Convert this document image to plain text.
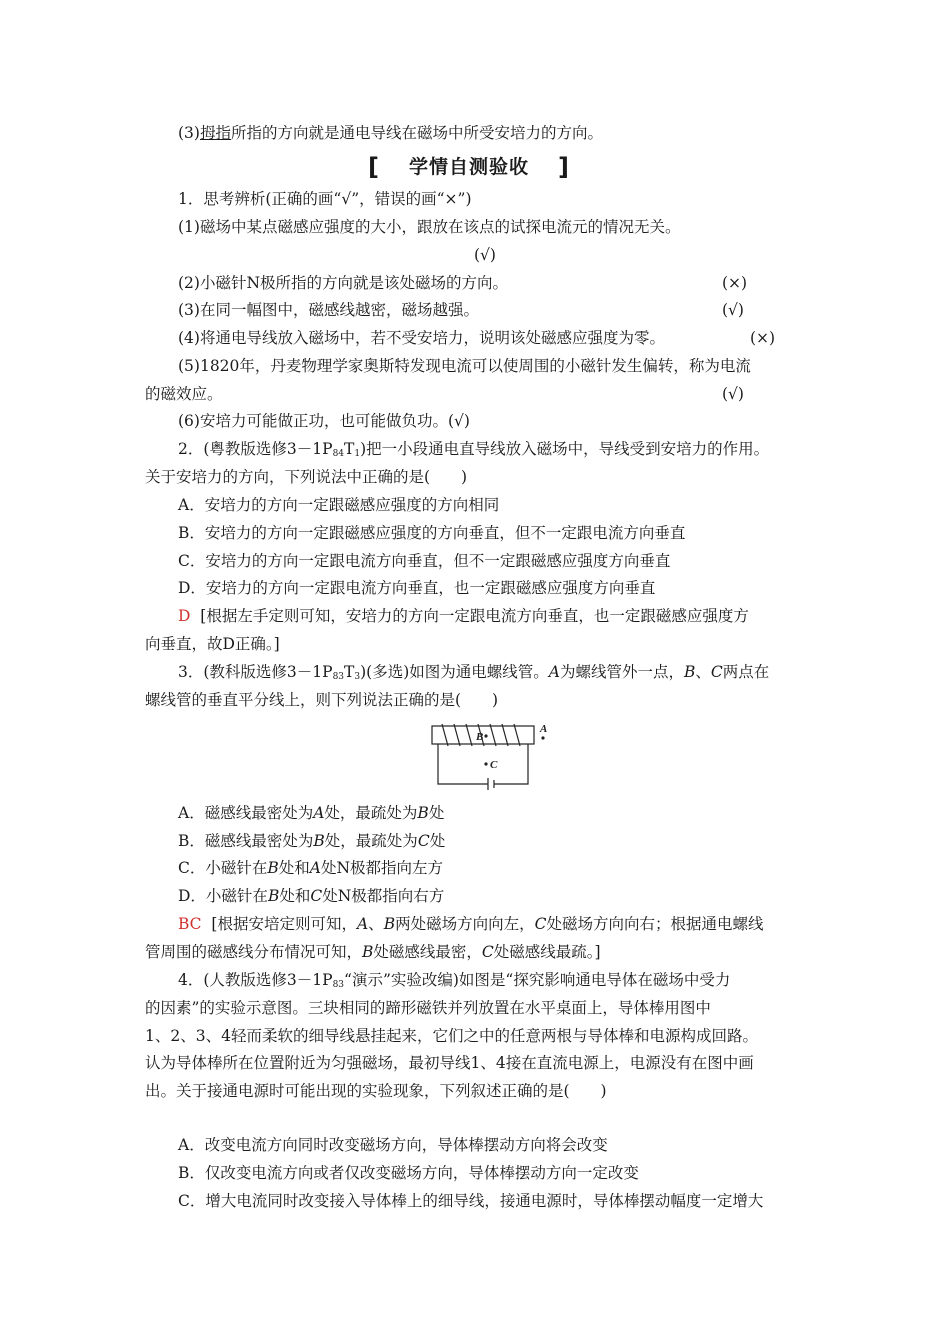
(3)拇指所指的方向就是通电导线在磁场中所受安培力的方向。
[ 学情自测验收 ]
1．思考辨析(正确的画“√”，错误的画“×”)
(1)磁场中某点磁感应强度的大小，跟放在该点的试探电流元的情况无关。
(√)
(2)小磁针N极所指的方向就是该处磁场的方向。	(×)
(3)在同一幅图中，磁感线越密，磁场越强。	(√)
(4)将通电导线放入磁场中，若不受安培力，说明该处磁感应强度为零。	(×)
(5)1820年，丹麦物理学家奥斯特发现电流可以使周围的小磁针发生偏转，称为电流
的磁效应。	(√)
(6)安培力可能做正功，也可能做负功。(√)
2．(粤教版选修$3-1P_{84}T_1$)把一小段通电直导线放入磁场中，导线受到安培力的作用。
关于安培力的方向，下列说法中正确的是(　　)
A．安培力的方向一定跟磁感应强度的方向相同
B．安培力的方向一定跟磁感应强度的方向垂直，但不一定跟电流方向垂直
C．安培力的方向一定跟电流方向垂直，但不一定跟磁感应强度方向垂直
D．安培力的方向一定跟电流方向垂直，也一定跟磁感应强度方向垂直
D [根据左手定则可知，安培力的方向一定跟电流方向垂直，也一定跟磁感应强度方
向垂直，故D正确。]
3．(教科版选修$3-1P_{83}T_3$)(多选)如图为通电螺线管。A为螺线管外一点，B、C两点在
螺线管的垂直平分线上，则下列说法正确的是(　　)
B
A
C
A．磁感线最密处为A处，最疏处为B处
B．磁感线最密处为B处，最疏处为C处
C．小磁针在B处和A处N极都指向左方
D．小磁针在B处和C处N极都指向右方
BC [根据安培定则可知，A、B两处磁场方向向左，C处磁场方向向右；根据通电螺线
管周围的磁感线分布情况可知，B处磁感线最密，C处磁感线最疏。]
4．(人教版选修$3-1P_{83}“$演示”实验改编)如图是“探究影响通电导体在磁场中受力
的因素”的实验示意图。三块相同的蹄形磁铁并列放置在水平桌面上，导体棒用图中
1、2、3、4轻而柔软的细导线悬挂起来，它们之中的任意两根与导体棒和电源构成回路。
认为导体棒所在位置附近为匀强磁场，最初导线1、4接在直流电源上，电源没有在图中画
出。关于接通电源时可能出现的实验现象，下列叙述正确的是(　　)
A．改变电流方向同时改变磁场方向，导体棒摆动方向将会改变
B．仅改变电流方向或者仅改变磁场方向，导体棒摆动方向一定改变
C．增大电流同时改变接入导体棒上的细导线，接通电源时，导体棒摆动幅度一定增大
